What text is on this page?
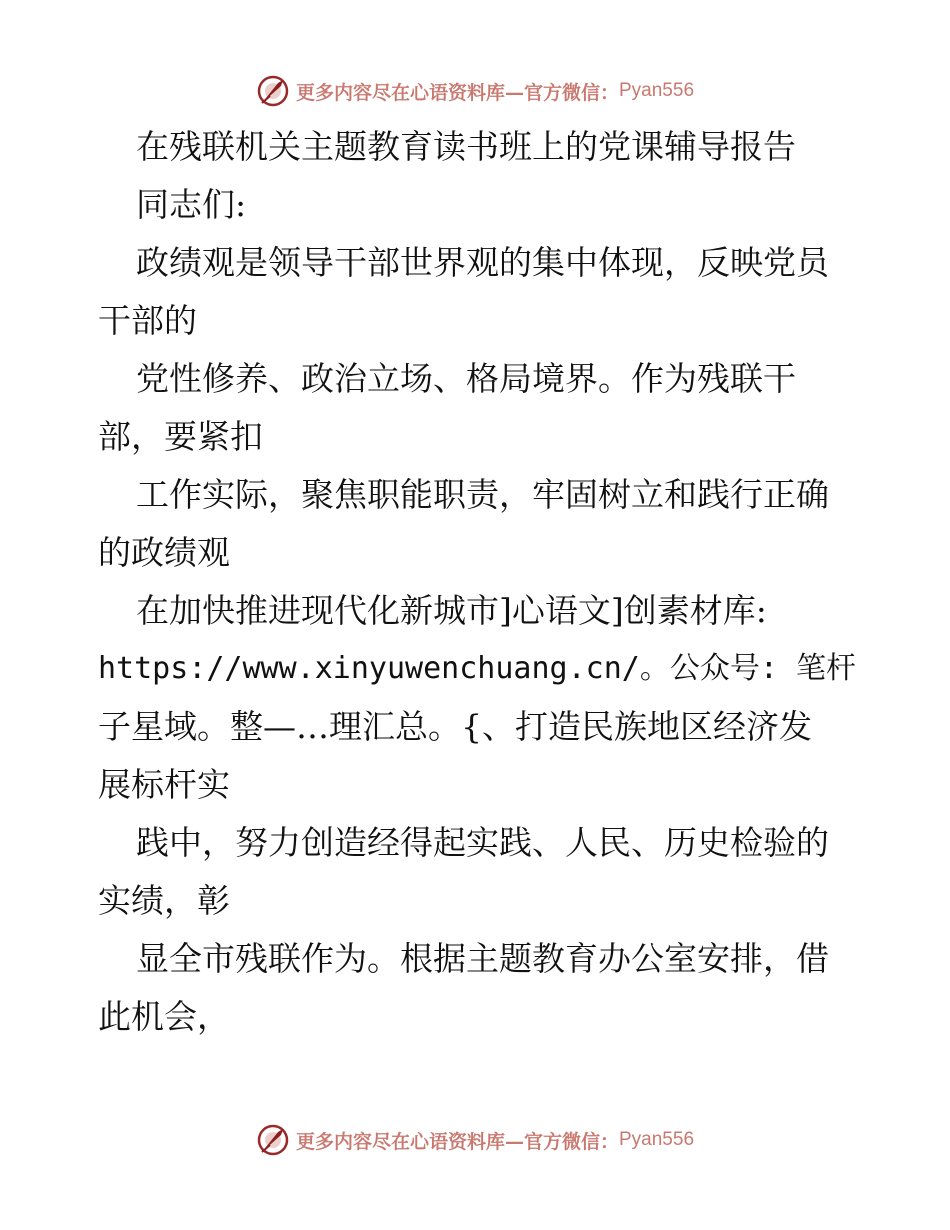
更多内容尽在心语资料库—官方微信： Pyan556
在残联机关主题教育读书班上的党课辅导报告
同志们:
政绩观是领导干部世界观的集中体现，反映党员
干部的
党性修养、政治立场、格局境界。作为残联干
部，要紧扣
工作实际，聚焦职能职责，牢固树立和践行正确
的政绩观
在加快推进现代化新城市]心语文]创素材库:
https://www.xinyuwenchuang.cn/。公众号: 笔杆
子星域。整—…理汇总。{、打造民族地区经济发
展标杆实
践中，努力创造经得起实践、人民、历史检验的
实绩，彰
显全市残联作为。根据主题教育办公室安排，借
此机会，
更多内容尽在心语资料库—官方微信： Pyan556
